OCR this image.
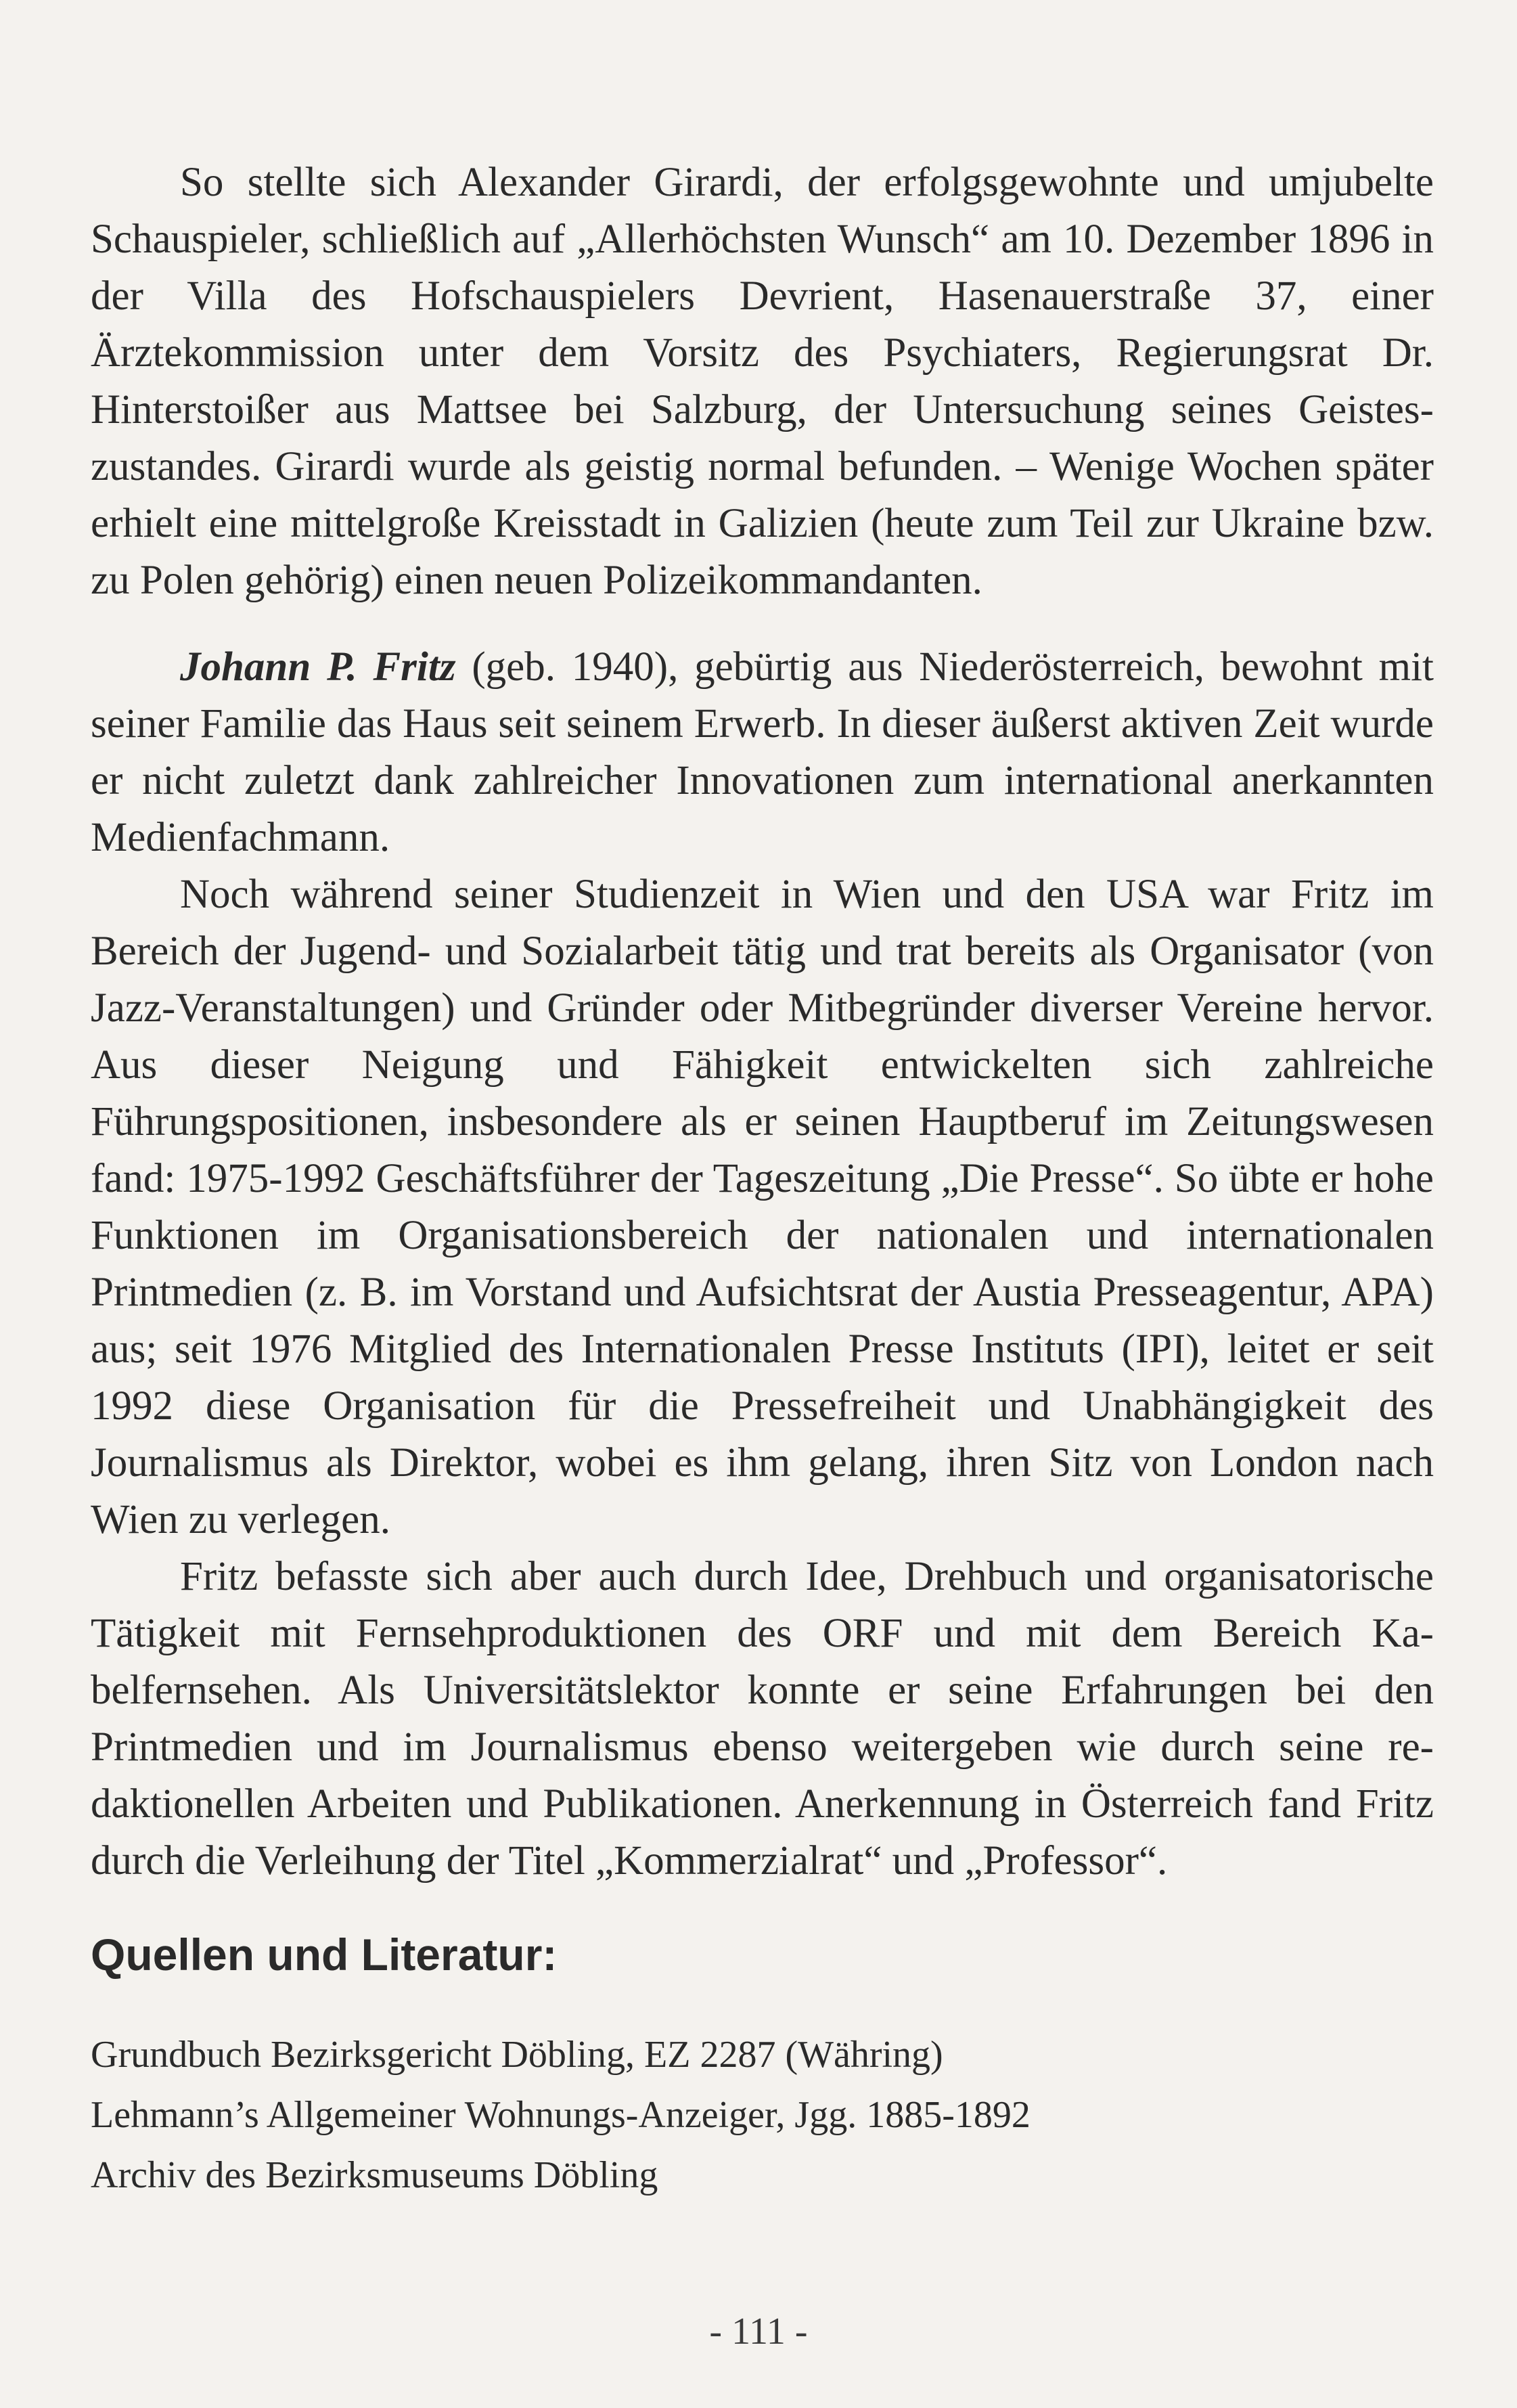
So stellte sich Alexander Girardi, der erfolgsgewohnte und umjubelte Schauspieler, schließlich auf „Allerhöchsten Wunsch“ am 10. Dezember 1896 in der Villa des Hofschauspielers Devrient, Hasenauerstraße 37, einer Ärztekommission unter dem Vorsitz des Psychiaters, Regierungsrat Dr. Hinterstoißer aus Mattsee bei Salzburg, der Untersuchung seines Geisteszustandes. Girardi wurde als geistig normal befunden. – Wenige Wochen später erhielt eine mittelgroße Kreisstadt in Galizien (heute zum Teil zur Ukraine bzw. zu Polen gehörig) einen neuen Polizeikommandanten.

Johann P. Fritz (geb. 1940), gebürtig aus Niederösterreich, bewohnt mit seiner Familie das Haus seit seinem Erwerb. In dieser äußerst aktiven Zeit wurde er nicht zuletzt dank zahlreicher Innovationen zum international anerkannten Medienfachmann.

Noch während seiner Studienzeit in Wien und den USA war Fritz im Bereich der Jugend- und Sozialarbeit tätig und trat bereits als Organisator (von Jazz-Veranstaltungen) und Gründer oder Mitbegründer diverser Vereine hervor. Aus dieser Neigung und Fähigkeit entwickelten sich zahlreiche Führungspositionen, insbesondere als er seinen Hauptberuf im Zeitungswesen fand: 1975-1992 Geschäftsführer der Tageszeitung „Die Presse“. So übte er hohe Funktionen im Organisationsbereich der nationalen und internationalen Printmedien (z. B. im Vorstand und Aufsichtsrat der Austia Presseagentur, APA) aus; seit 1976 Mitglied des Internationalen Presse Instituts (IPI), leitet er seit 1992 diese Organisation für die Pressefreiheit und Unabhängigkeit des Journalismus als Direktor, wobei es ihm gelang, ihren Sitz von London nach Wien zu verlegen.

Fritz befasste sich aber auch durch Idee, Drehbuch und organisatorische Tätigkeit mit Fernsehproduktionen des ORF und mit dem Bereich Kabelfernsehen. Als Universitätslektor konnte er seine Erfahrungen bei den Printmedien und im Journalismus ebenso weitergeben wie durch seine redaktionellen Arbeiten und Publikationen. Anerkennung in Österreich fand Fritz durch die Verleihung der Titel „Kommerzialrat“ und „Professor“.

Quellen und Literatur:
Grundbuch Bezirksgericht Döbling, EZ 2287 (Währing)
Lehmann’s Allgemeiner Wohnungs-Anzeiger, Jgg. 1885-1892
Archiv des Bezirksmuseums Döbling
- 111 -
